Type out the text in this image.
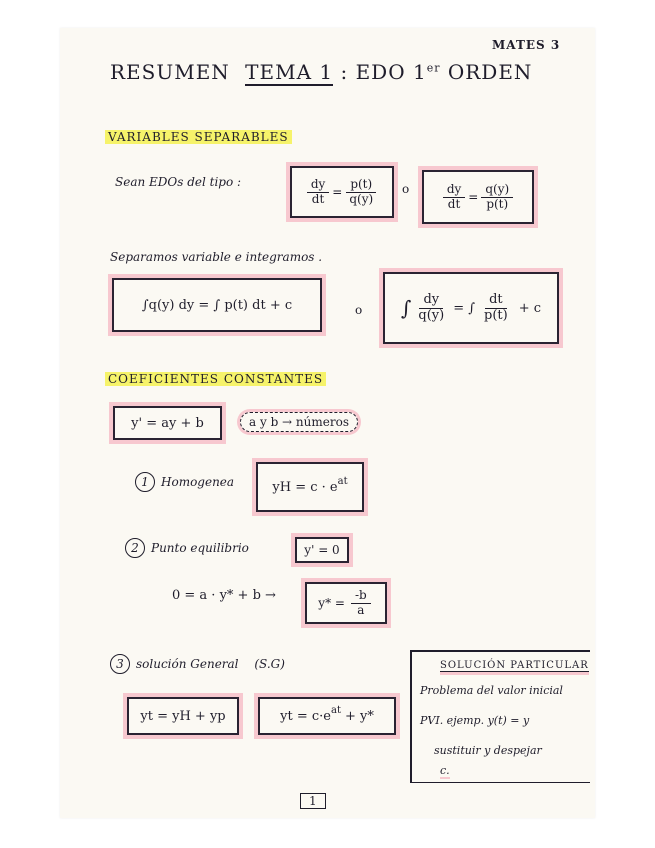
MATES 3
RESUMEN TEMA 1 : EDO 1er ORDEN
VARIABLES SEPARABLES
Sean EDOs del tipo :	$\frac{dy}{dt} = \frac{p(t)}{q(y)}$ o	$\frac{dy}{dt} = \frac{q(y)}{p(t)}$
Separamos variable e integramos .
∫q(y) dy = ∫ p(t) dt + c	o ∫ $\frac{dy}{q(y)}$ = ∫ $\frac{dt}{p(t)} + c$
COEFICIENTES CONSTANTES
y' = ay + b	a y b → números
1 Homogenea	yH = $c \cdot e^{at}$
2 Punto equilibrio	y' = 0
0 = a · y* + b →	$y* = \frac{-b}{a}$
3 solución General (S.G)
yt = yH + yp	yt = $c\cdot e^{at} + y*$
SOLUCIÓN PARTICULAR
Problema del valor inicial
PVI. ejemp. y(t) = y
sustituir y despejar
c.
1
